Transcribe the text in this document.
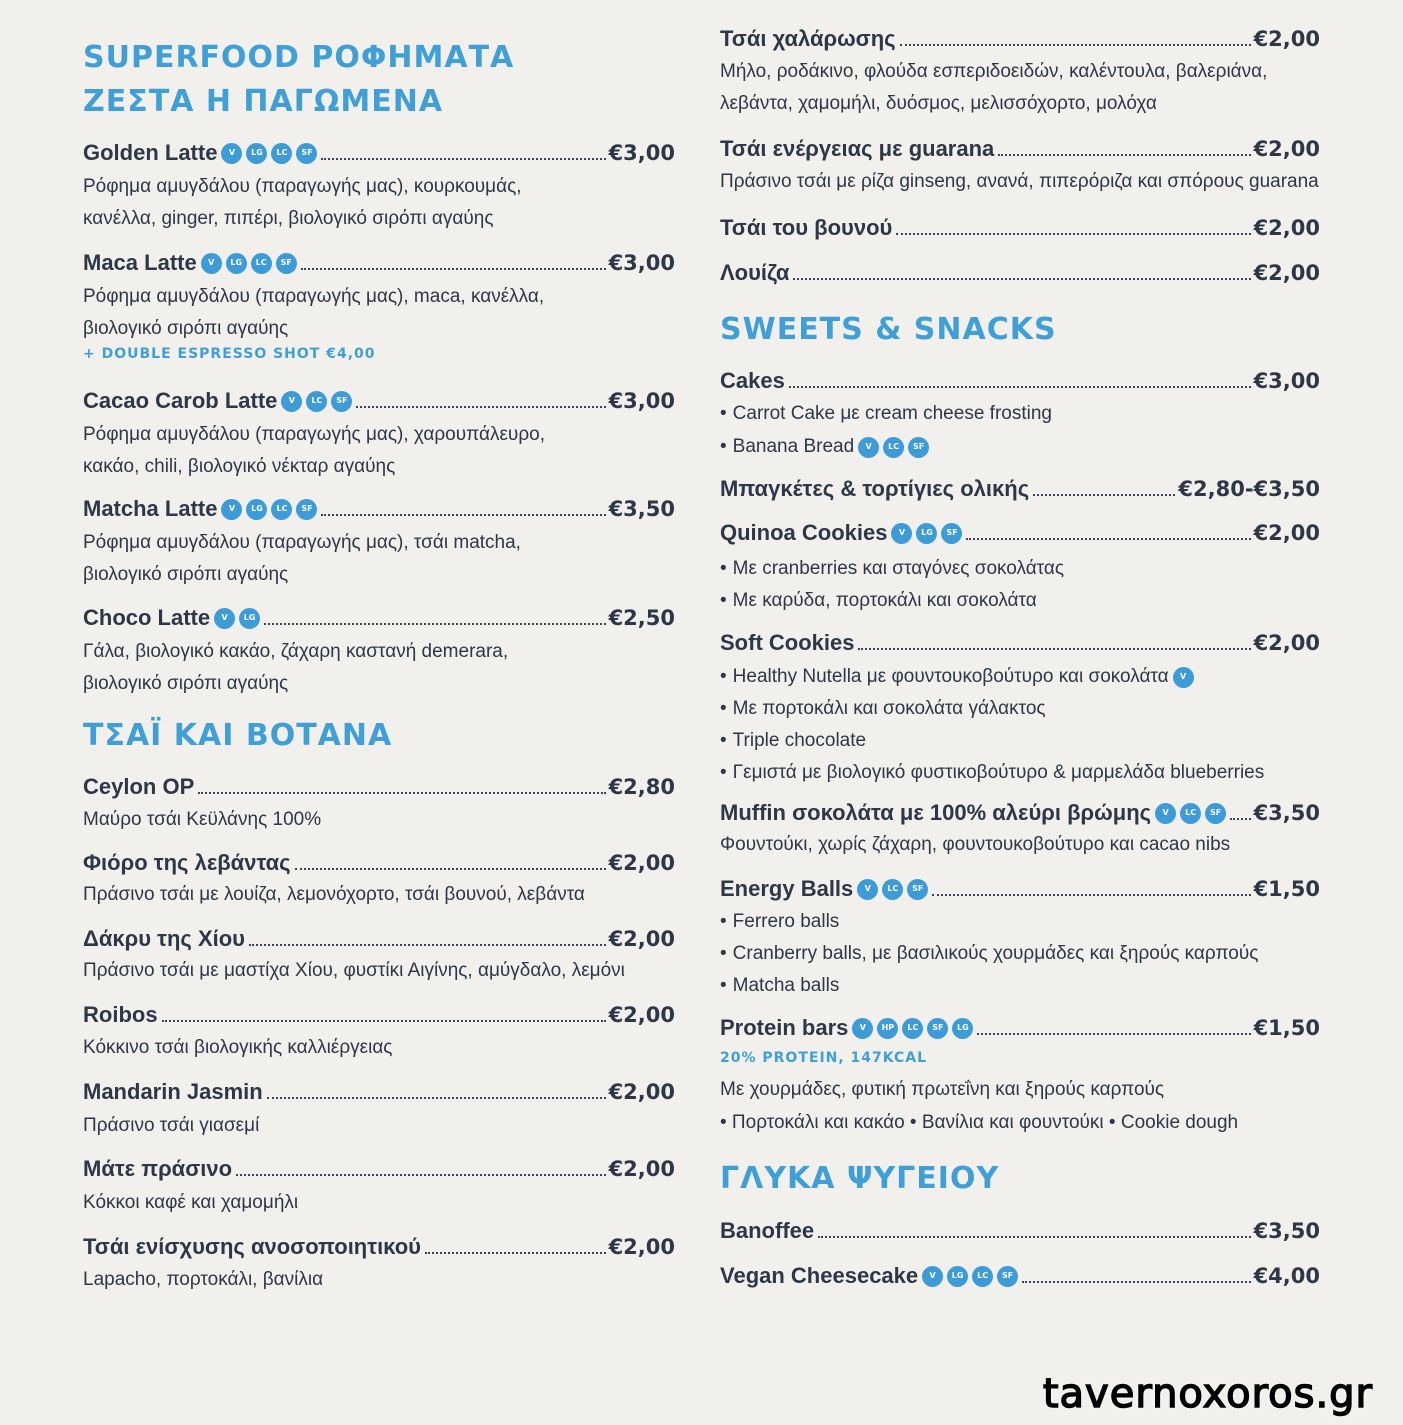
SUPERFOOD ΡΟΦΗΜΑΤΑ
ΖΕΣΤΑ Η ΠΑΓΩΜΕΝΑ
Golden Latte	V	LG	LC	SF	€3,00
Ρόφημα αμυγδάλου (παραγωγής μας), κουρκουμάς,
κανέλλα, ginger, πιπέρι, βιολογικό σιρόπι αγαύης
Maca Latte	V	LG	LC	SF	€3,00
Ρόφημα αμυγδάλου (παραγωγής μας), maca, κανέλλα,
βιολογικό σιρόπι αγαύης
+ DOUBLE ESPRESSO SHOT €4,00
Cacao Carob Latte	V	LC	SF	€3,00
Ρόφημα αμυγδάλου (παραγωγής μας), χαρουπάλευρο,
κακάο, chili, βιολογικό νέκταρ αγαύης
Matcha Latte	V	LG	LC	SF	€3,50
Ρόφημα αμυγδάλου (παραγωγής μας), τσάι matcha,
βιολογικό σιρόπι αγαύης
Choco Latte	V	LG	€2,50
Γάλα, βιολογικό κακάο, ζάχαρη καστανή demerara,
βιολογικό σιρόπι αγαύης
ΤΣΑΪ ΚΑΙ ΒΟΤΑΝΑ
Ceylon OP	€2,80
Μαύρο τσάι Κεϋλάνης 100%
Φιόρο της λεβάντας	€2,00
Πράσινο τσάι με λουίζα, λεμονόχορτο, τσάι βουνού, λεβάντα
Δάκρυ της Χίου	€2,00
Πράσινο τσάι με μαστίχα Χίου, φυστίκι Αιγίνης, αμύγδαλο, λεμόνι
Roibos	€2,00
Κόκκινο τσάι βιολογικής καλλιέργειας
Mandarin Jasmin	€2,00
Πράσινο τσάι γιασεμί
Μάτε πράσινο	€2,00
Κόκκοι καφέ και χαμομήλι
Τσάι ενίσχυσης ανοσοποιητικού	€2,00
Lapacho, πορτοκάλι, βανίλια
Τσάι χαλάρωσης	€2,00
Μήλο, ροδάκινο, φλούδα εσπεριδοειδών, καλέντουλα, βαλεριάνα,
λεβάντα, χαμομήλι, δυόσμος, μελισσόχορτο, μολόχα
Τσάι ενέργειας με guarana	€2,00
Πράσινο τσάι με ρίζα ginseng, ανανά, πιπερόριζα και σπόρους guarana
Τσάι του βουνού	€2,00
Λουίζα	€2,00
SWEETS & SNACKS
Cakes	€3,00
• Carrot Cake με cream cheese frosting
• Banana Bread	V	LC	SF
Μπαγκέτες & τορτίγιες ολικής	€2,80-€3,50
Quinoa Cookies	V	LG	SF	€2,00
• Με cranberries και σταγόνες σοκολάτας
• Με καρύδα, πορτοκάλι και σοκολάτα
Soft Cookies	€2,00
• Healthy Nutella με φουντουκοβούτυρο και σοκολάτα	V
• Με πορτοκάλι και σοκολάτα γάλακτος
• Triple chocolate
• Γεμιστά με βιολογικό φυστικοβούτυρο & μαρμελάδα blueberries
Muffin σοκολάτα με 100% αλεύρι βρώμης	V	LC	SF €3,50
Φουντούκι, χωρίς ζάχαρη, φουντουκοβούτυρο και cacao nibs
Energy Balls	V	LC	SF	€1,50
• Ferrero balls
• Cranberry balls, με βασιλικούς χουρμάδες και ξηρούς καρπούς
• Matcha balls
Protein bars	V	HP	LC	SF	LG	€1,50
20% PROTEIN, 147KCAL
Με χουρμάδες, φυτική πρωτεΐνη και ξηρούς καρπούς
• Πορτοκάλι και κακάο • Βανίλια και φουντούκι • Cookie dough
ΓΛΥΚΑ ΨΥΓΕΙΟΥ
Banoffee	€3,50
Vegan Cheesecake	V	LG	LC	SF	€4,00
tavernoxoros.gr
